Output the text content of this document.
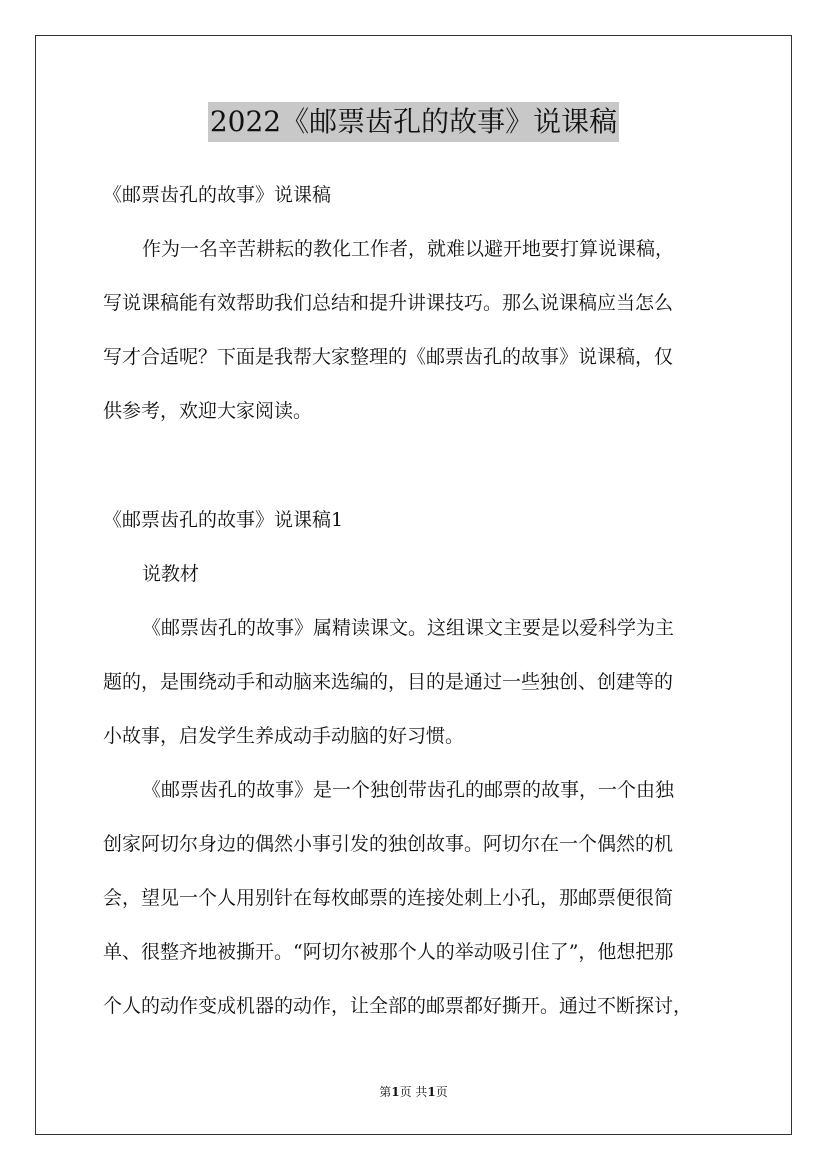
2022《邮票齿孔的故事》说课稿
《邮票齿孔的故事》说课稿
作为一名辛苦耕耘的教化工作者，就难以避开地要打算说课稿，
写说课稿能有效帮助我们总结和提升讲课技巧。那么说课稿应当怎么
写才合适呢？下面是我帮大家整理的《邮票齿孔的故事》说课稿，仅
供参考，欢迎大家阅读。
《邮票齿孔的故事》说课稿1
说教材
《邮票齿孔的故事》属精读课文。这组课文主要是以爱科学为主
题的，是围绕动手和动脑来选编的，目的是通过一些独创、创建等的
小故事，启发学生养成动手动脑的好习惯。
《邮票齿孔的故事》是一个独创带齿孔的邮票的故事，一个由独
创家阿切尔身边的偶然小事引发的独创故事。阿切尔在一个偶然的机
会，望见一个人用别针在每枚邮票的连接处刺上小孔，那邮票便很简
单、很整齐地被撕开。“阿切尔被那个人的举动吸引住了”，他想把那
个人的动作变成机器的动作，让全部的邮票都好撕开。通过不断探讨，
第1页 共1页
